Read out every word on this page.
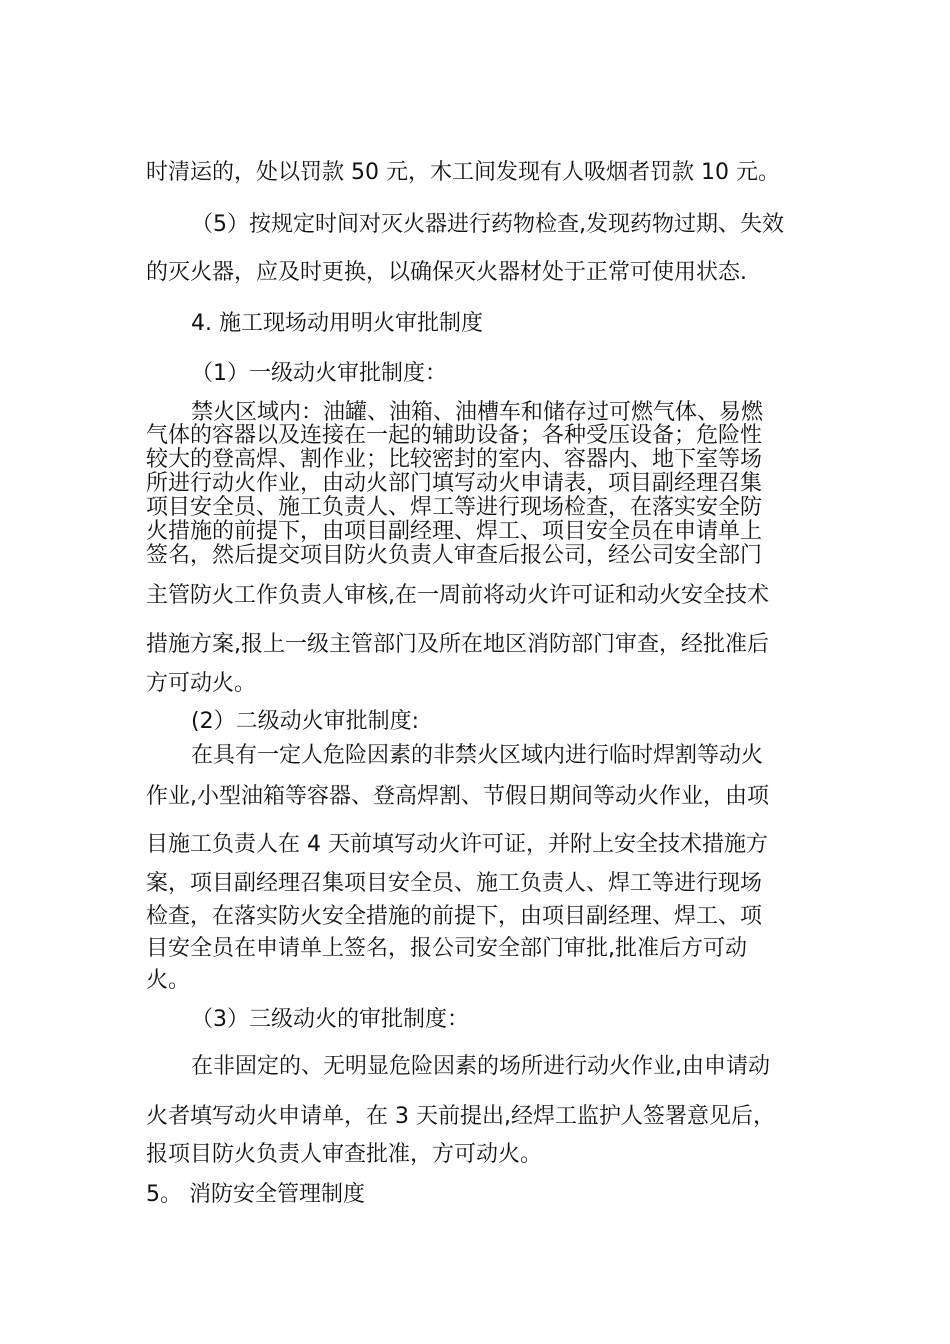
时清运的，处以罚款 50 元，木工间发现有人吸烟者罚款 10 元。

（5）按规定时间对灭火器进行药物检查,发现药物过期、失效

的灭火器，应及时更换，以确保灭火器材处于正常可使用状态.

4. 施工现场动用明火审批制度

（1）一级动火审批制度：

禁火区域内：油罐、油箱、油槽车和储存过可燃气体、易燃

气体的容器以及连接在一起的辅助设备；各种受压设备；危险性

较大的登高焊、割作业；比较密封的室内、容器内、地下室等场

所进行动火作业，由动火部门填写动火申请表，项目副经理召集

项目安全员、施工负责人、焊工等进行现场检查，在落实安全防

火措施的前提下，由项目副经理、焊工、项目安全员在申请单上

签名，然后提交项目防火负责人审查后报公司，经公司安全部门

主管防火工作负责人审核,在一周前将动火许可证和动火安全技术

措施方案,报上一级主管部门及所在地区消防部门审查，经批准后

方可动火。

(2）二级动火审批制度:

在具有一定人危险因素的非禁火区域内进行临时焊割等动火

作业,小型油箱等容器、登高焊割、节假日期间等动火作业，由项

目施工负责人在 4 天前填写动火许可证，并附上安全技术措施方

案，项目副经理召集项目安全员、施工负责人、焊工等进行现场

检查，在落实防火安全措施的前提下，由项目副经理、焊工、项

目安全员在申请单上签名，报公司安全部门审批,批准后方可动

火。

（3）三级动火的审批制度：

在非固定的、无明显危险因素的场所进行动火作业,由申请动

火者填写动火申请单，在 3 天前提出,经焊工监护人签署意见后，

报项目防火负责人审查批准，方可动火。

5。 消防安全管理制度
